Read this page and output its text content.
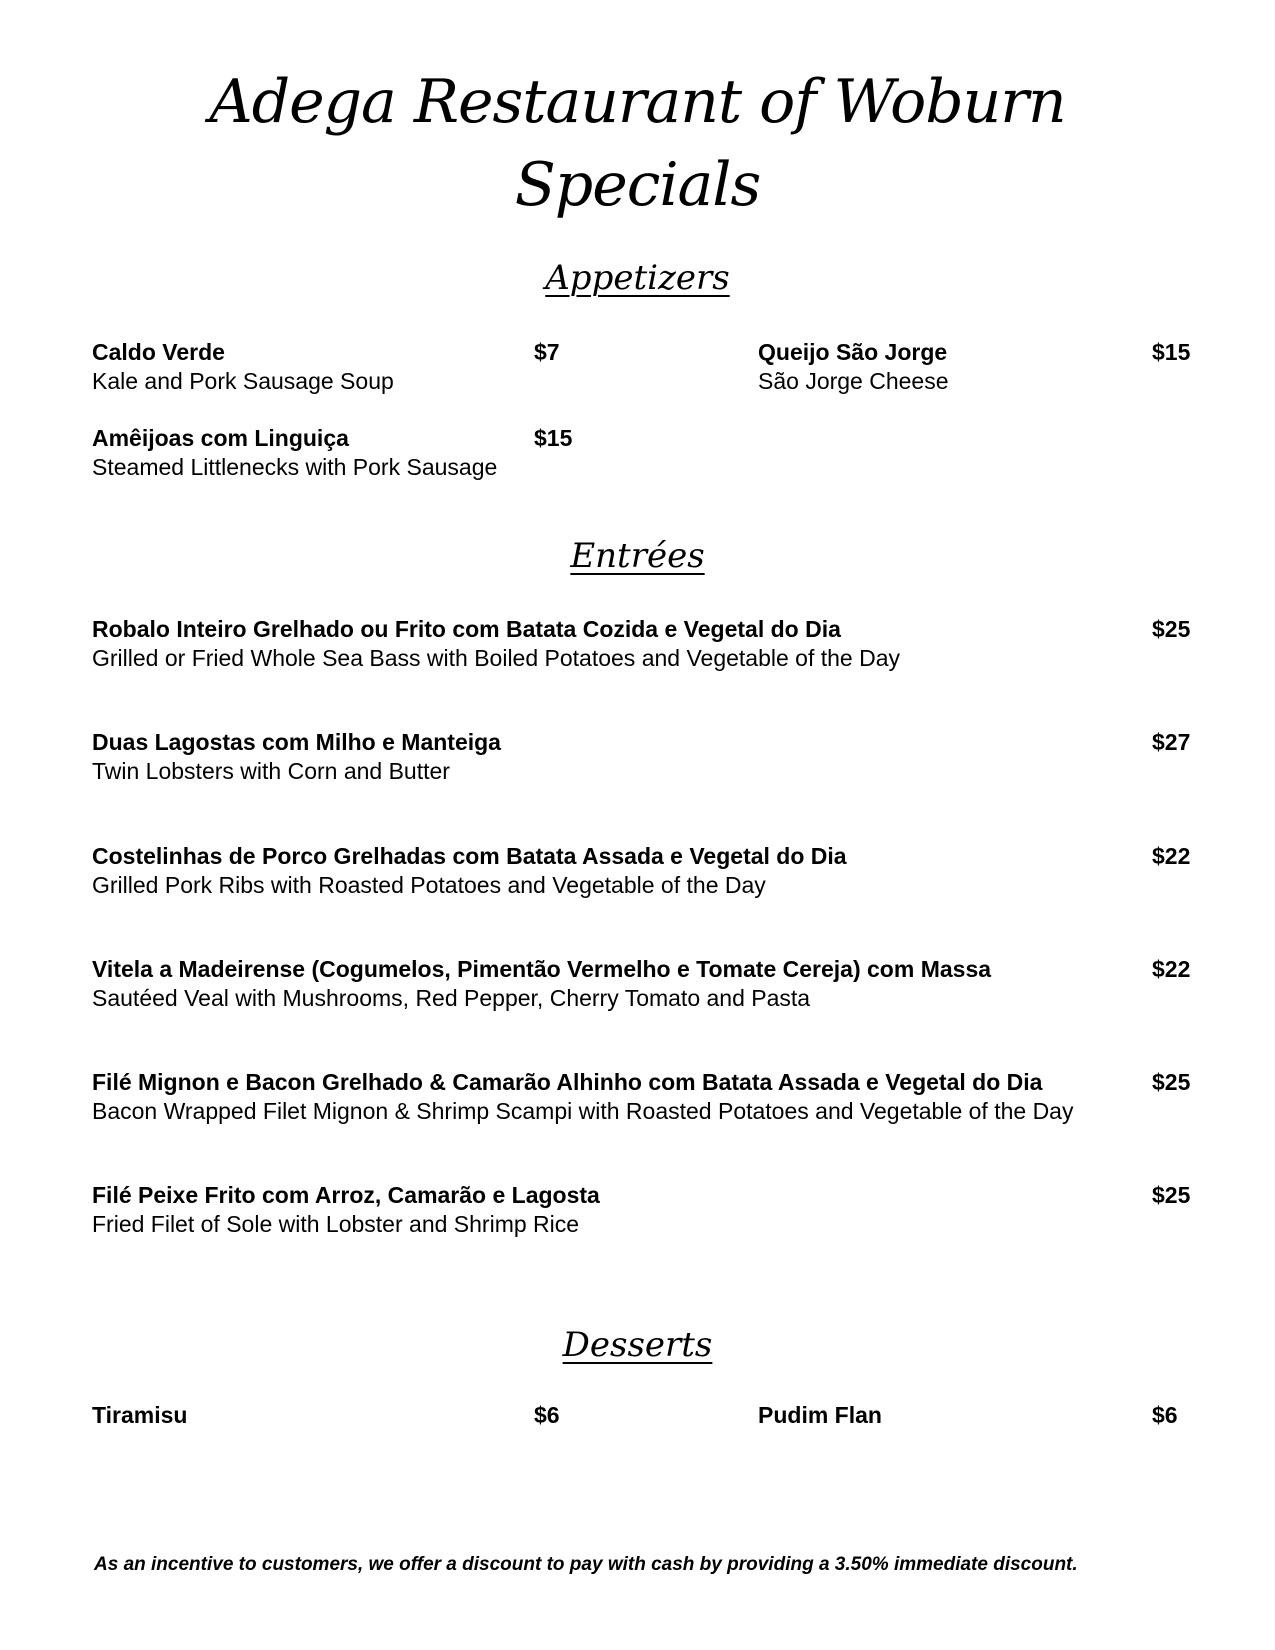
Adega Restaurant of Woburn
Specials
Appetizers
Caldo Verde	$7
Kale and Pork Sausage Soup
Queijo São Jorge	$15
São Jorge Cheese
Amêijoas com Linguiça	$15
Steamed Littlenecks with Pork Sausage
Entrées
Robalo Inteiro Grelhado ou Frito com Batata Cozida e Vegetal do Dia	$25
Grilled or Fried Whole Sea Bass with Boiled Potatoes and Vegetable of the Day
Duas Lagostas com Milho e Manteiga	$27
Twin Lobsters with Corn and Butter
Costelinhas de Porco Grelhadas com Batata Assada e Vegetal do Dia	$22
Grilled Pork Ribs with Roasted Potatoes and Vegetable of the Day
Vitela a Madeirense (Cogumelos, Pimentão Vermelho e Tomate Cereja) com Massa	$22
Sautéed Veal with Mushrooms, Red Pepper, Cherry Tomato and Pasta
Filé Mignon e Bacon Grelhado & Camarão Alhinho com Batata Assada e Vegetal do Dia	$25
Bacon Wrapped Filet Mignon & Shrimp Scampi with Roasted Potatoes and Vegetable of the Day
Filé Peixe Frito com Arroz, Camarão e Lagosta	$25
Fried Filet of Sole with Lobster and Shrimp Rice
Desserts
Tiramisu	$6	Pudim Flan	$6
As an incentive to customers, we offer a discount to pay with cash by providing a 3.50% immediate discount.
